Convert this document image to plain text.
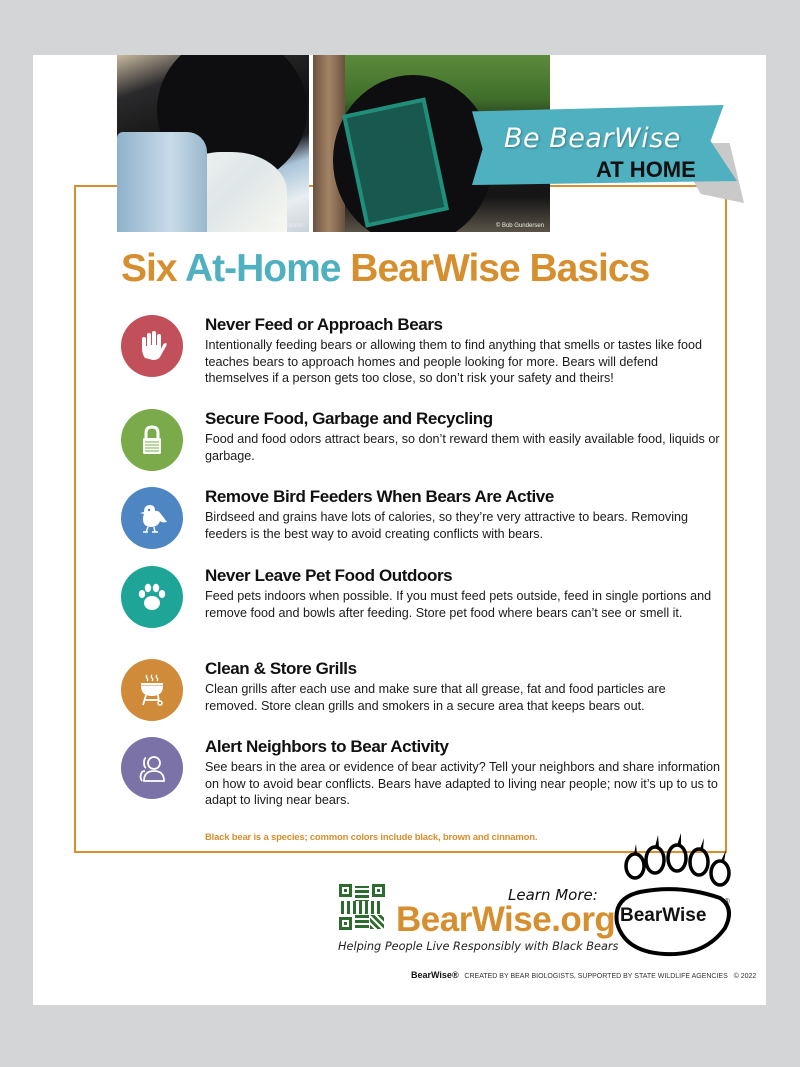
(c) 2017 Rachel	© Bob Gundersen
Be BearWise
AT HOME
Six At-Home BearWise Basics
Never Feed or Approach Bears

Intentionally feeding bears or allowing them to find anything that smells or tastes like food teaches bears to approach homes and people looking for more. Bears will defend themselves if a person gets too close, so don’t risk your safety and theirs!

Secure Food, Garbage and Recycling

Food and food odors attract bears, so don’t reward them with easily available food, liquids or garbage.

Remove Bird Feeders When Bears Are Active

Birdseed and grains have lots of calories, so they’re very attractive to bears. Removing feeders is the best way to avoid creating conflicts with bears.

Never Leave Pet Food Outdoors

Feed pets indoors when possible. If you must feed pets outside, feed in single portions and remove food and bowls after feeding. Store pet food where bears can’t see or smell it.

Clean & Store Grills

Clean grills after each use and make sure that all grease, fat and food particles are removed. Store clean grills and smokers in a secure area that keeps bears out.

Alert Neighbors to Bear Activity

See bears in the area or evidence of bear activity? Tell your neighbors and share information on how to avoid bear conflicts. Bears have adapted to living near people; now it’s up to us to adapt to living near bears.

Black bear is a species; common colors include black, brown and cinnamon.

Learn More:
BearWise.org
Helping People Live Responsibly with Black Bears
BearWise
®
BearWise® CREATED BY BEAR BIOLOGISTS, SUPPORTED BY STATE WILDLIFE AGENCIES © 2022
